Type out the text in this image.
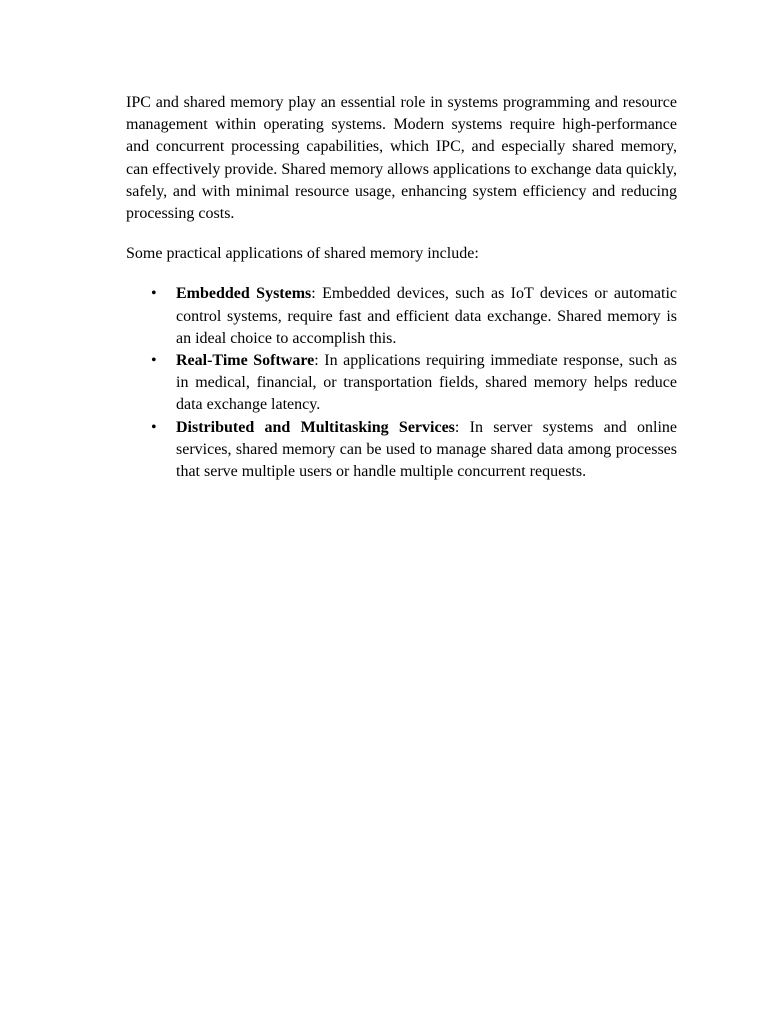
IPC and shared memory play an essential role in systems programming and resource management within operating systems. Modern systems require high-performance and concurrent processing capabilities, which IPC, and especially shared memory, can effectively provide. Shared memory allows applications to exchange data quickly, safely, and with minimal resource usage, enhancing system efficiency and reducing processing costs.

Some practical applications of shared memory include:

•	Embedded Systems: Embedded devices, such as IoT devices or automatic control systems, require fast and efficient data exchange. Shared memory is an ideal choice to accomplish this.
•	Real-Time Software: In applications requiring immediate response, such as in medical, financial, or transportation fields, shared memory helps reduce data exchange latency.
•	Distributed and Multitasking Services: In server systems and online services, shared memory can be used to manage shared data among processes that serve multiple users or handle multiple concurrent requests.
